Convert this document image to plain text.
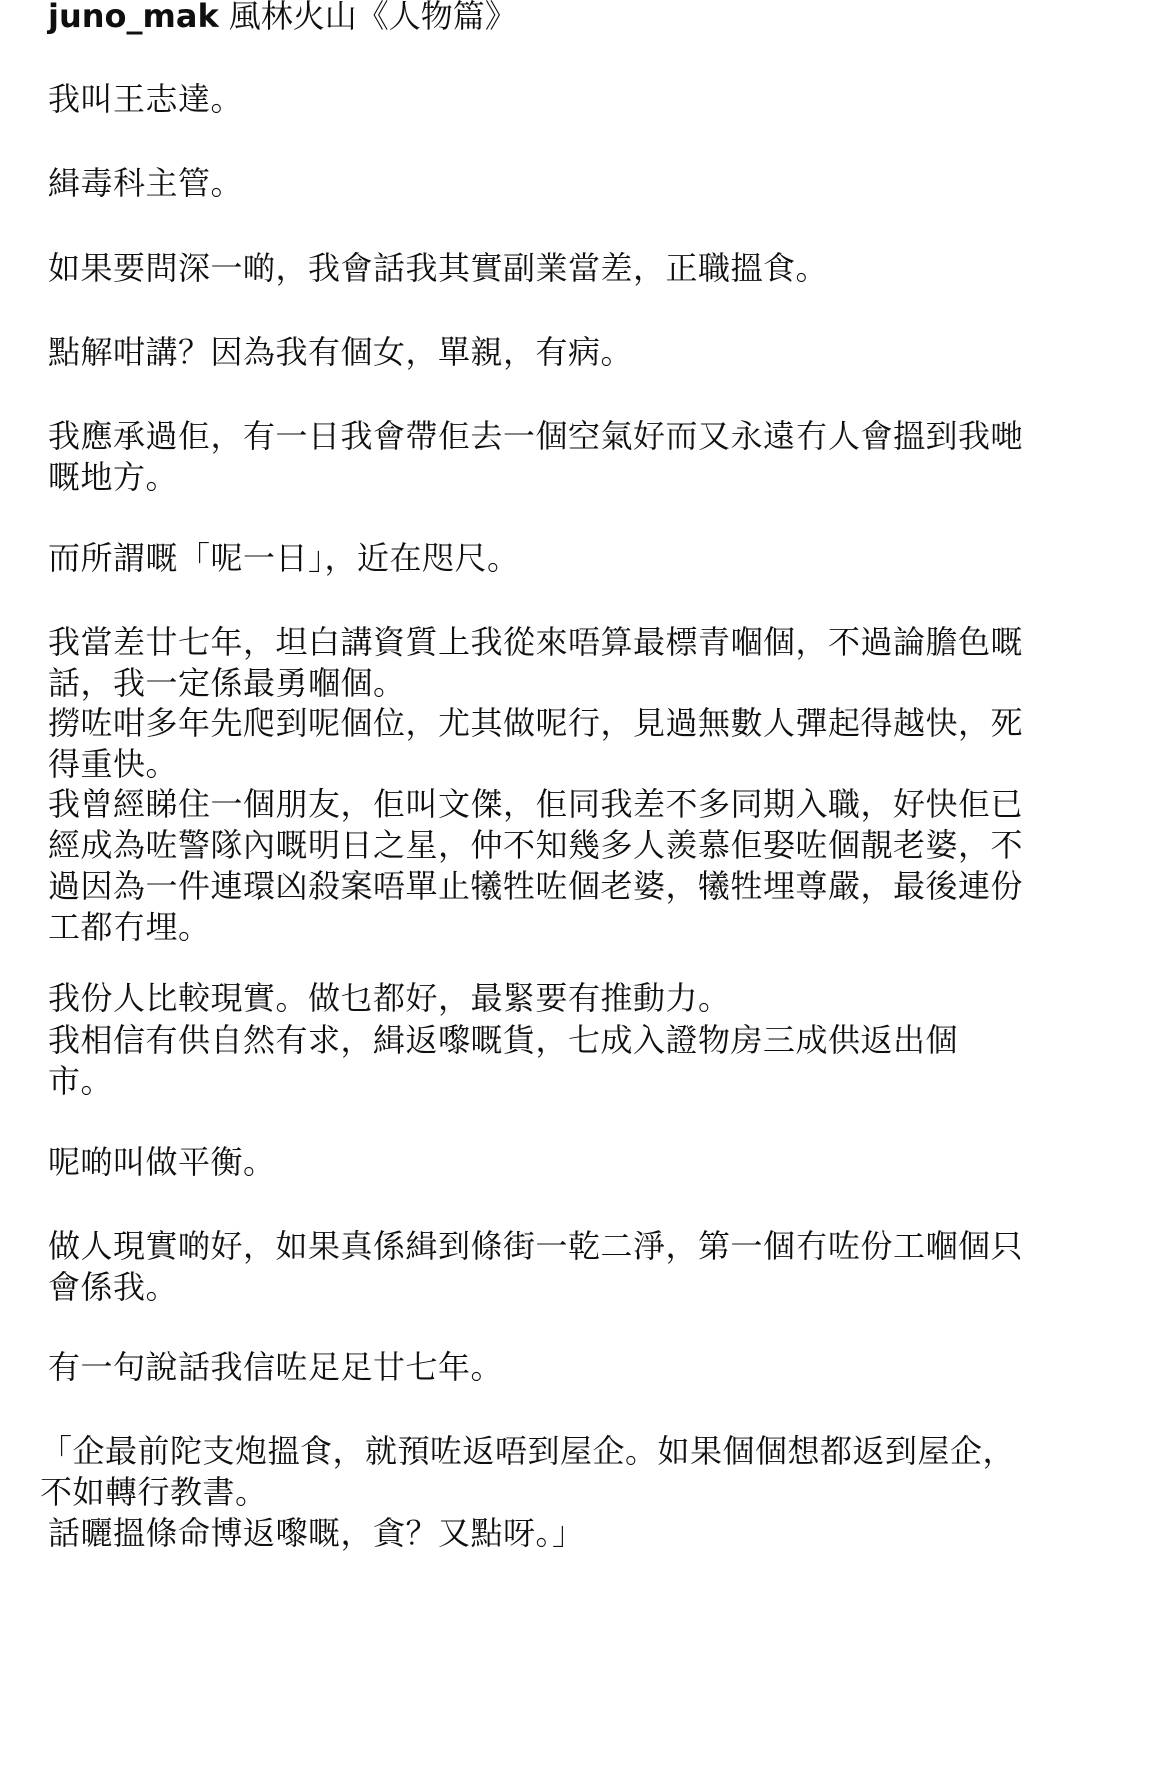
juno_mak 風林火山《人物篇》

我叫王志達。

緝毒科主管。

如果要問深一啲，我會話我其實副業當差，正職搵食。

點解咁講？因為我有個女，單親，有病。

我應承過佢，有一日我會帶佢去一個空氣好而又永遠冇人會搵到我哋
嘅地方。

而所謂嘅「呢一日」，近在咫尺。

我當差廿七年，坦白講資質上我從來唔算最標青嗰個，不過論膽色嘅
話，我一定係最勇嗰個。

撈咗咁多年先爬到呢個位，尤其做呢行，見過無數人彈起得越快，死
得重快。

我曾經睇住一個朋友，佢叫文傑，佢同我差不多同期入職，好快佢已
經成為咗警隊內嘅明日之星，仲不知幾多人羨慕佢娶咗個靚老婆，不
過因為一件連環凶殺案唔單止犧牲咗個老婆，犧牲埋尊嚴，最後連份
工都冇埋。

我份人比較現實。做乜都好，最緊要有推動力。

我相信有供自然有求，緝返嚟嘅貨，七成入證物房三成供返出個
市。

呢啲叫做平衡。

做人現實啲好，如果真係緝到條街一乾二淨，第一個冇咗份工嗰個只
會係我。

有一句說話我信咗足足廿七年。

「企最前陀支炮搵食，就預咗返唔到屋企。如果個個想都返到屋企，
不如轉行教書。

話曬搵條命博返嚟嘅，貪？又點呀。」
